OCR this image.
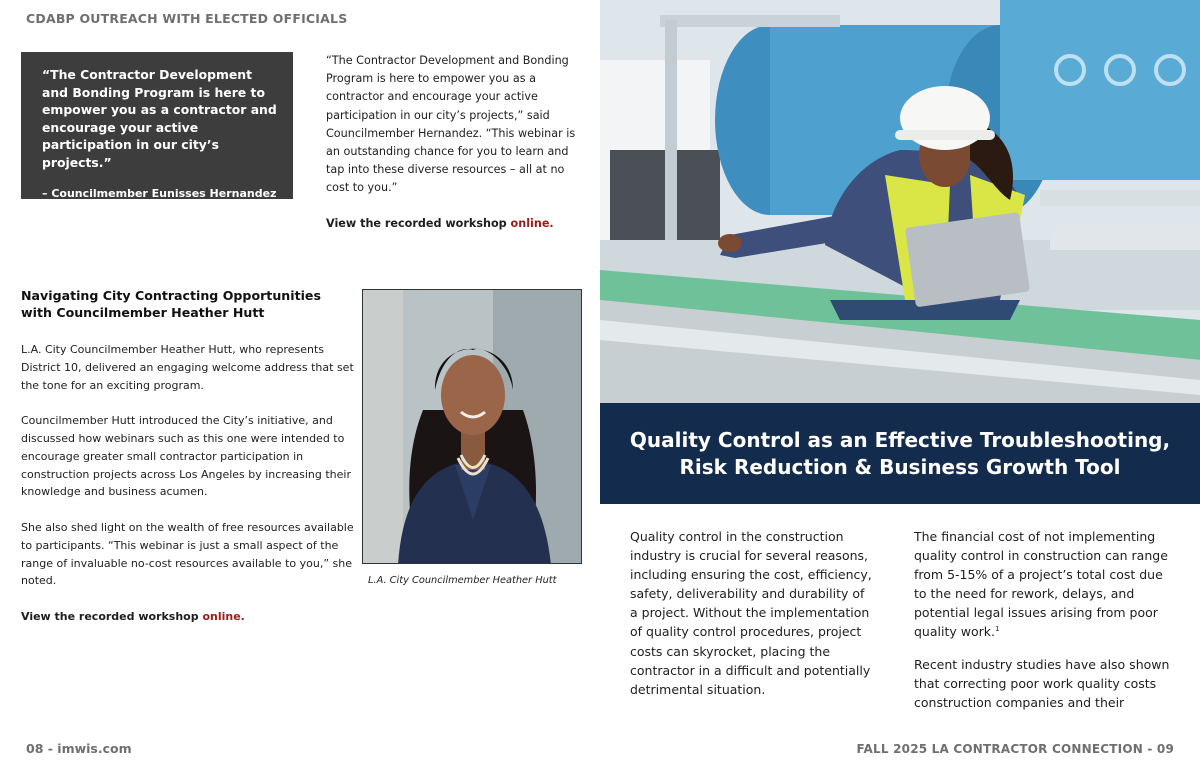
CDABP OUTREACH WITH ELECTED OFFICIALS
“The Contractor Development and Bonding Program is here to empower you as a contractor and encourage your active participation in our city’s projects.”
– Councilmember Eunisses Hernandez
“The Contractor Development and Bonding Program is here to empower you as a contractor and encourage your active participation in our city’s projects,” said Councilmember Hernandez. “This webinar is an outstanding chance for you to learn and tap into these diverse resources – all at no cost to you.”
View the recorded workshop online.
Navigating City Contracting Opportunities with Councilmember Heather Hutt
L.A. City Councilmember Heather Hutt, who represents District 10, delivered an engaging welcome address that set the tone for an exciting program.
Councilmember Hutt introduced the City’s initiative, and discussed how webinars such as this one were intended to encourage greater small contractor participation in construction projects across Los Angeles by increasing their knowledge and business acumen.
She also shed light on the wealth of free resources available to participants. “This webinar is just a small aspect of the range of invaluable no-cost resources available to you,” she noted.
View the recorded workshop online.
L.A. City Councilmember Heather Hutt
Quality Control as an Effective Troubleshooting, Risk Reduction & Business Growth Tool
Quality control in the construction industry is crucial for several reasons, including ensuring the cost, efficiency, safety, deliverability and durability of a project. Without the implementation of quality control procedures, project costs can skyrocket, placing the contractor in a difficult and potentially detrimental situation.
The financial cost of not implementing quality control in construction can range from 5-15% of a project’s total cost due to the need for rework, delays, and potential legal issues arising from poor quality work.$^1$
Recent industry studies have also shown that correcting poor work quality costs construction companies and their
08 - imwis.com	FALL 2025 LA CONTRACTOR CONNECTION - 09
